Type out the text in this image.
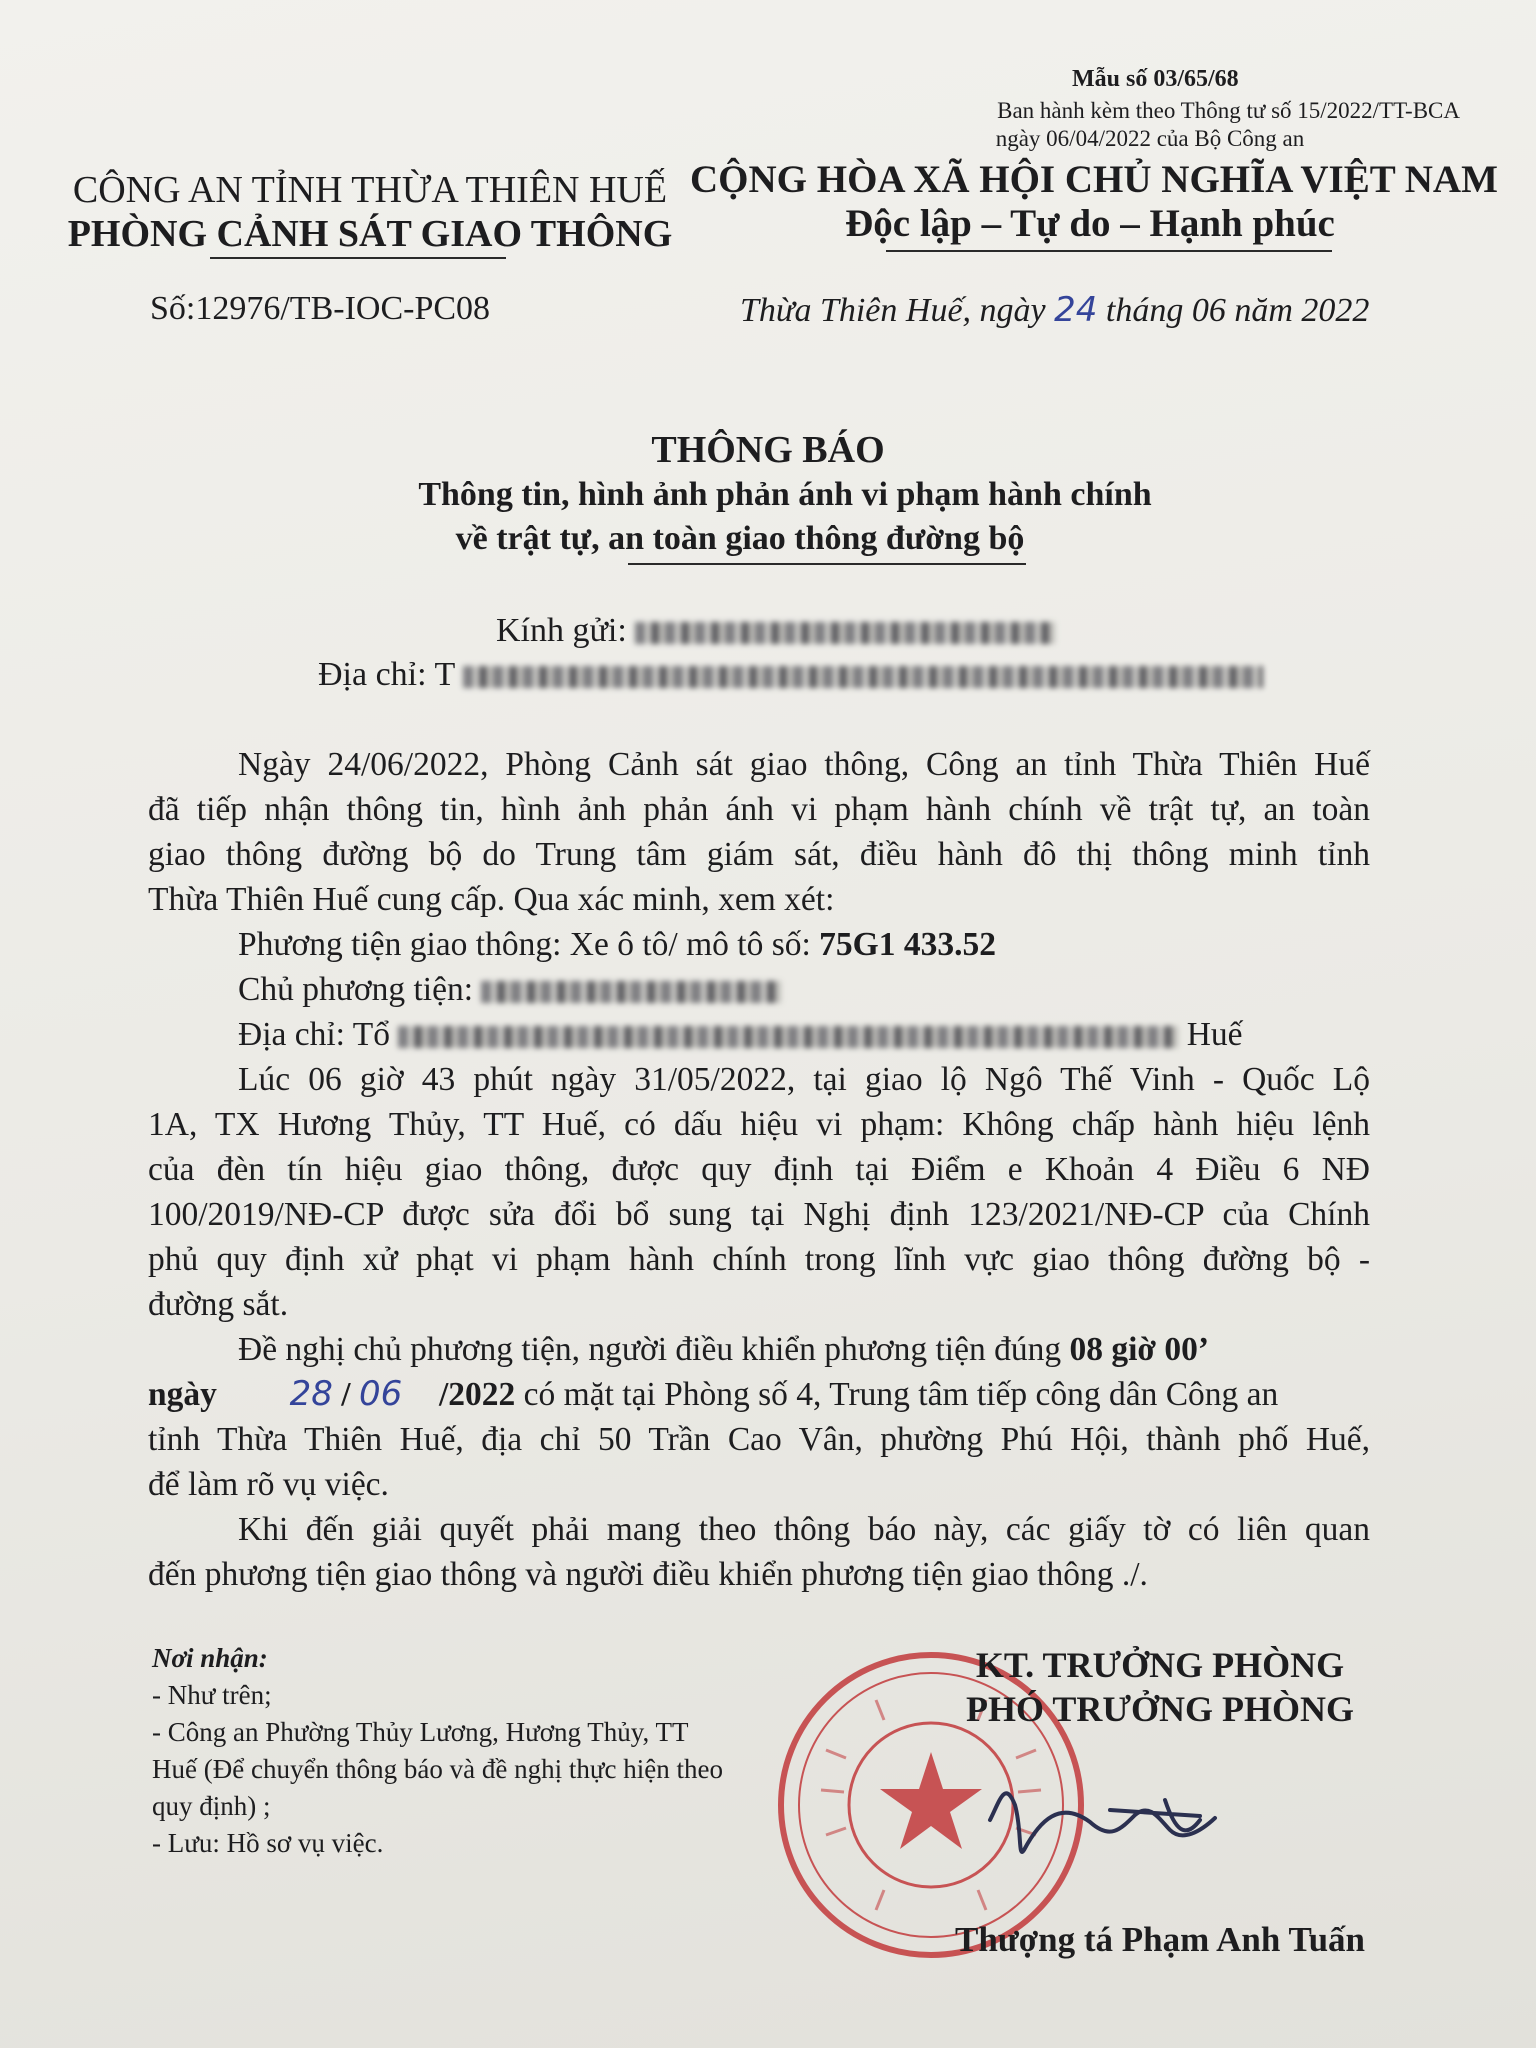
Mẫu số 03/65/68
Ban hành kèm theo Thông tư số 15/2022/TT-BCA
ngày 06/04/2022 của Bộ Công an
CÔNG AN TỈNH THỪA THIÊN HUẾ
PHÒNG CẢNH SÁT GIAO THÔNG
CỘNG HÒA XÃ HỘI CHỦ NGHĨA VIỆT NAM
Độc lập – Tự do – Hạnh phúc
Số:12976/TB-IOC-PC08	Thừa Thiên Huế, ngày 24 tháng 06 năm 2022
THÔNG BÁO
Thông tin, hình ảnh phản ánh vi phạm hành chính
về trật tự, an toàn giao thông đường bộ
Kính gửi:
Địa chỉ: T
Ngày 24/06/2022, Phòng Cảnh sát giao thông, Công an tỉnh Thừa Thiên Huế
đã tiếp nhận thông tin, hình ảnh phản ánh vi phạm hành chính về trật tự, an toàn
giao thông đường bộ do Trung tâm giám sát, điều hành đô thị thông minh tỉnh
Thừa Thiên Huế cung cấp. Qua xác minh, xem xét:
Phương tiện giao thông: Xe ô tô/ mô tô số: 75G1 433.52
Chủ phương tiện:
Địa chỉ: Tổ	Huế
Lúc 06 giờ 43 phút ngày 31/05/2022, tại giao lộ Ngô Thế Vinh - Quốc Lộ
1A, TX Hương Thủy, TT Huế, có dấu hiệu vi phạm: Không chấp hành hiệu lệnh
của đèn tín hiệu giao thông, được quy định tại Điểm e Khoản 4 Điều 6 NĐ
100/2019/NĐ-CP được sửa đổi bổ sung tại Nghị định 123/2021/NĐ-CP của Chính
phủ quy định xử phạt vi phạm hành chính trong lĩnh vực giao thông đường bộ -
đường sắt.
Đề nghị chủ phương tiện, người điều khiển phương tiện đúng 08 giờ 00’
ngày 28 / 06 /2022 có mặt tại Phòng số 4, Trung tâm tiếp công dân Công an
tỉnh Thừa Thiên Huế, địa chỉ 50 Trần Cao Vân, phường Phú Hội, thành phố Huế,
để làm rõ vụ việc.
Khi đến giải quyết phải mang theo thông báo này, các giấy tờ có liên quan
đến phương tiện giao thông và người điều khiển phương tiện giao thông ./.
Nơi nhận:
- Như trên;
- Công an Phường Thủy Lương, Hương Thủy, TT Huế (Để chuyển thông báo và đề nghị thực hiện theo quy định) ;
- Lưu: Hồ sơ vụ việc.
KT. TRƯỞNG PHÒNG
PHÓ TRƯỞNG PHÒNG
Thượng tá Phạm Anh Tuấn
